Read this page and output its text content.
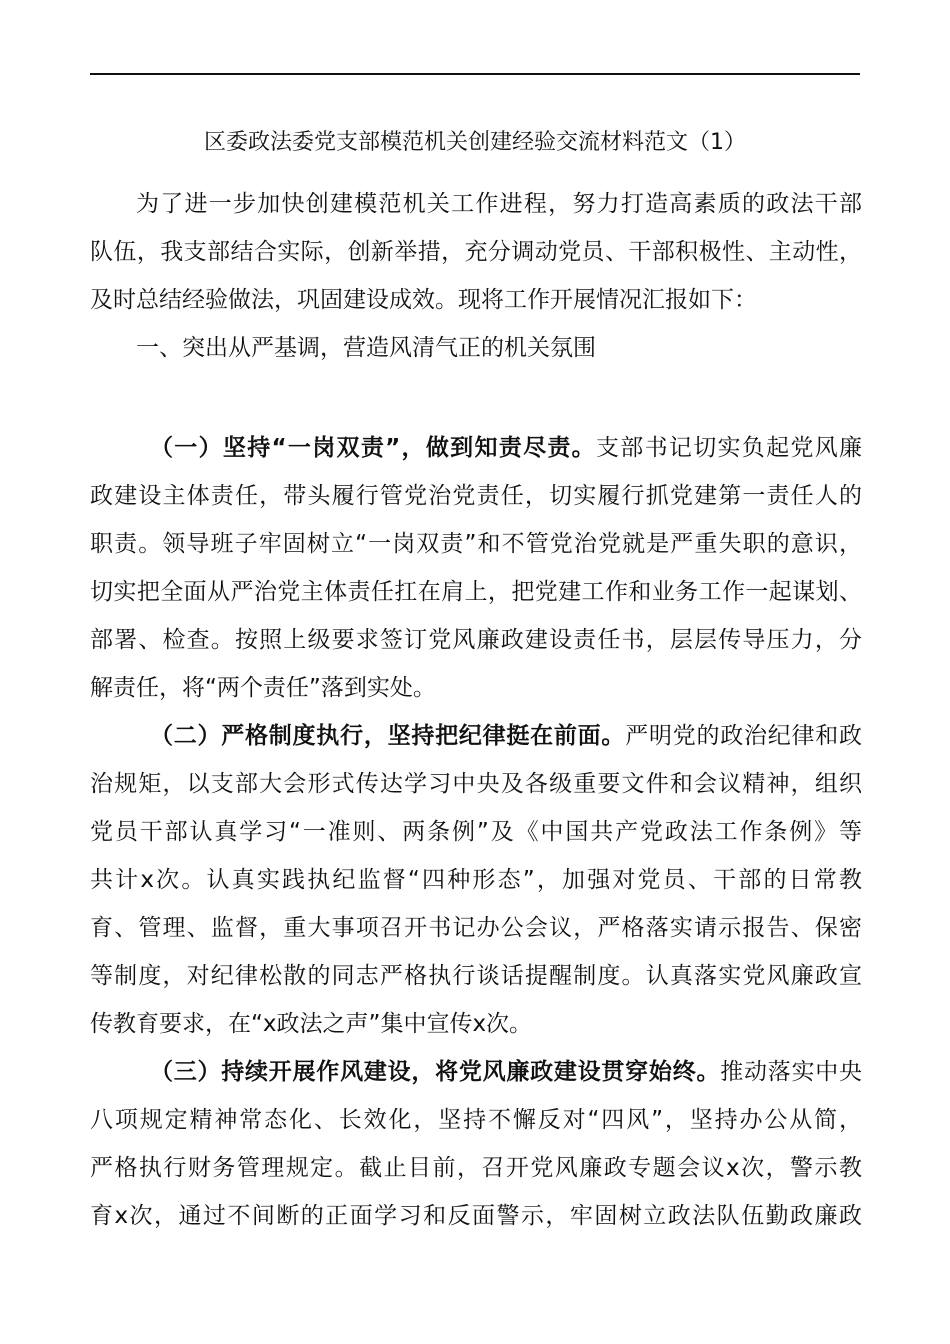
区委政法委党支部模范机关创建经验交流材料范文（1）
为了进一步加快创建模范机关工作进程，努力打造高素质的政法干部
队伍，我支部结合实际，创新举措，充分调动党员、干部积极性、主动性，
及时总结经验做法，巩固建设成效。现将工作开展情况汇报如下：
一、突出从严基调，营造风清气正的机关氛围
（一）坚持“一岗双责”，做到知责尽责。支部书记切实负起党风廉
政建设主体责任，带头履行管党治党责任，切实履行抓党建第一责任人的
职责。领导班子牢固树立“一岗双责”和不管党治党就是严重失职的意识，
切实把全面从严治党主体责任扛在肩上，把党建工作和业务工作一起谋划、
部署、检查。按照上级要求签订党风廉政建设责任书，层层传导压力，分
解责任，将“两个责任”落到实处。
（二）严格制度执行，坚持把纪律挺在前面。严明党的政治纪律和政
治规矩，以支部大会形式传达学习中央及各级重要文件和会议精神，组织
党员干部认真学习“一准则、两条例”及《中国共产党政法工作条例》等
共计x次。认真实践执纪监督“四种形态”，加强对党员、干部的日常教
育、管理、监督，重大事项召开书记办公会议，严格落实请示报告、保密
等制度，对纪律松散的同志严格执行谈话提醒制度。认真落实党风廉政宣
传教育要求，在“x政法之声”集中宣传x次。
（三）持续开展作风建设，将党风廉政建设贯穿始终。推动落实中央
八项规定精神常态化、长效化，坚持不懈反对“四风”，坚持办公从简，
严格执行财务管理规定。截止目前，召开党风廉政专题会议x次，警示教
育x次，通过不间断的正面学习和反面警示，牢固树立政法队伍勤政廉政
